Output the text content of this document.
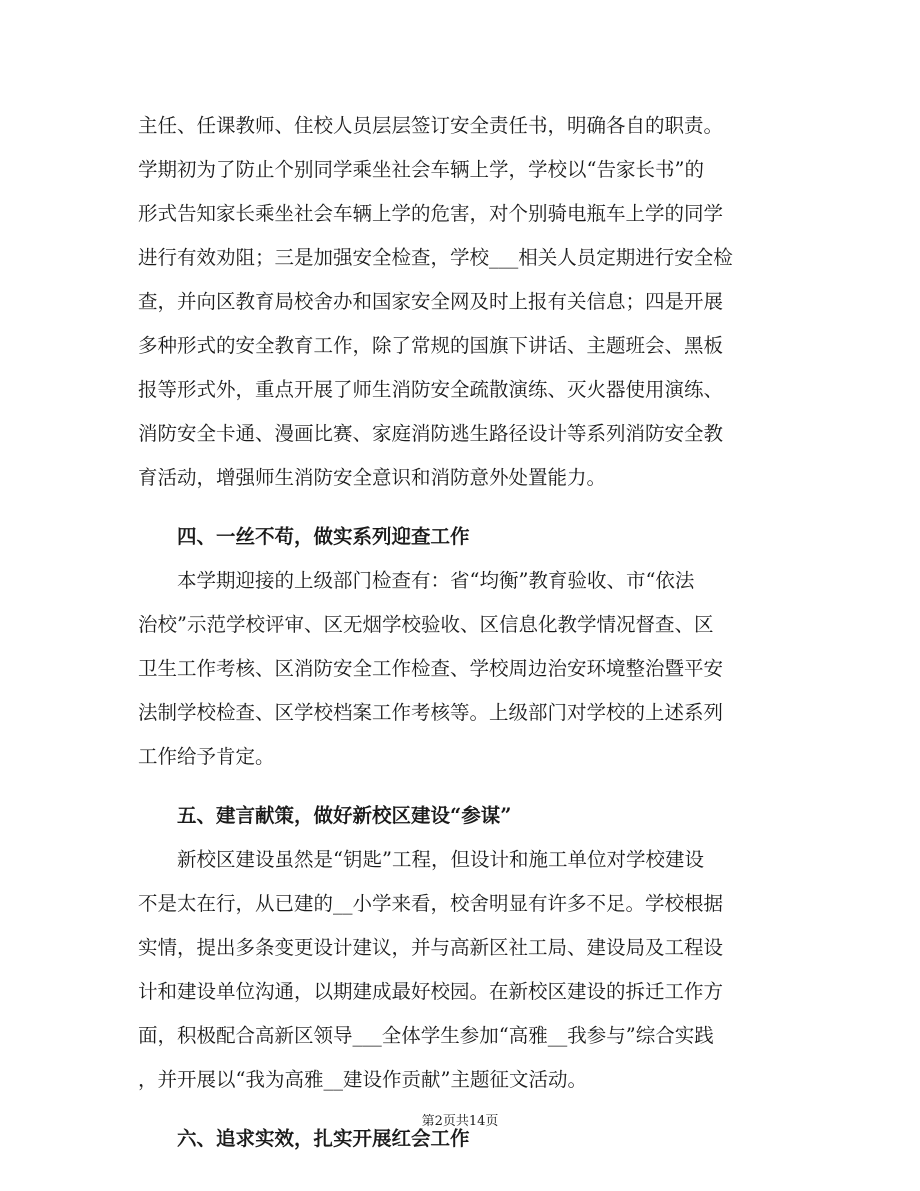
主任、任课教师、住校人员层层签订安全责任书，明确各自的职责。
学期初为了防止个别同学乘坐社会车辆上学，学校以“告家长书”的
形式告知家长乘坐社会车辆上学的危害，对个别骑电瓶车上学的同学
进行有效劝阻；三是加强安全检查，学校___相关人员定期进行安全检
查，并向区教育局校舍办和国家安全网及时上报有关信息；四是开展
多种形式的安全教育工作，除了常规的国旗下讲话、主题班会、黑板
报等形式外，重点开展了师生消防安全疏散演练、灭火器使用演练、
消防安全卡通、漫画比赛、家庭消防逃生路径设计等系列消防安全教
育活动，增强师生消防安全意识和消防意外处置能力。
四、一丝不苟，做实系列迎查工作
本学期迎接的上级部门检查有：省“均衡”教育验收、市“依法
治校”示范学校评审、区无烟学校验收、区信息化教学情况督查、区
卫生工作考核、区消防安全工作检查、学校周边治安环境整治暨平安
法制学校检查、区学校档案工作考核等。上级部门对学校的上述系列
工作给予肯定。
五、建言献策，做好新校区建设“参谋”
新校区建设虽然是“钥匙”工程，但设计和施工单位对学校建设
不是太在行，从已建的__小学来看，校舍明显有许多不足。学校根据
实情，提出多条变更设计建议，并与高新区社工局、建设局及工程设
计和建设单位沟通，以期建成最好校园。在新校区建设的拆迁工作方
面，积极配合高新区领导___全体学生参加“高雅__我参与”综合实践
，并开展以“我为高雅__建设作贡献”主题征文活动。
六、追求实效，扎实开展红会工作
第2页共14页
